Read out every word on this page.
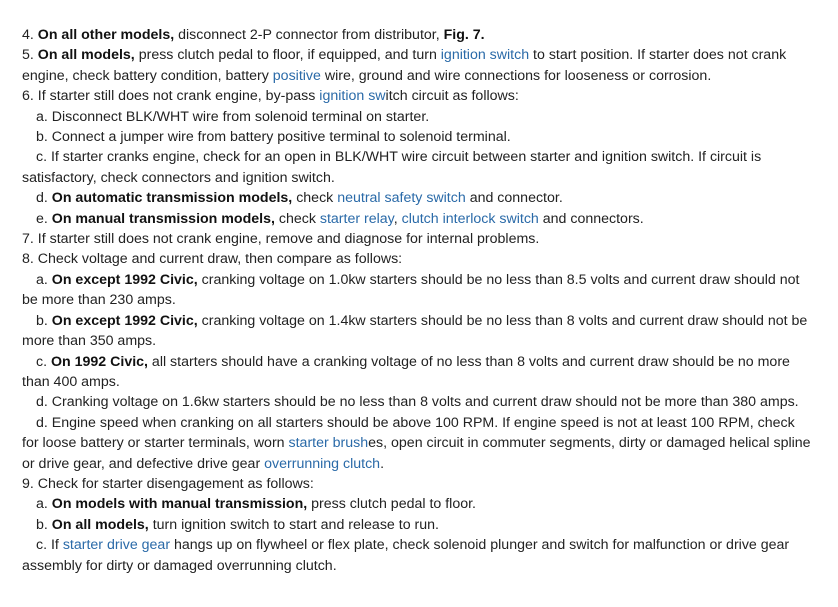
4. On all other models, disconnect 2-P connector from distributor, Fig. 7.
5. On all models, press clutch pedal to floor, if equipped, and turn ignition switch to start position. If starter does not crank engine, check battery condition, battery positive wire, ground and wire connections for looseness or corrosion.
6. If starter still does not crank engine, by-pass ignition switch circuit as follows:
a. Disconnect BLK/WHT wire from solenoid terminal on starter.
b. Connect a jumper wire from battery positive terminal to solenoid terminal.
c. If starter cranks engine, check for an open in BLK/WHT wire circuit between starter and ignition switch. If circuit is satisfactory, check connectors and ignition switch.
d. On automatic transmission models, check neutral safety switch and connector.
e. On manual transmission models, check starter relay, clutch interlock switch and connectors.
7. If starter still does not crank engine, remove and diagnose for internal problems.
8. Check voltage and current draw, then compare as follows:
a. On except 1992 Civic, cranking voltage on 1.0kw starters should be no less than 8.5 volts and current draw should not be more than 230 amps.
b. On except 1992 Civic, cranking voltage on 1.4kw starters should be no less than 8 volts and current draw should not be more than 350 amps.
c. On 1992 Civic, all starters should have a cranking voltage of no less than 8 volts and current draw should be no more than 400 amps.
d. Cranking voltage on 1.6kw starters should be no less than 8 volts and current draw should not be more than 380 amps.
d. Engine speed when cranking on all starters should be above 100 RPM. If engine speed is not at least 100 RPM, check for loose battery or starter terminals, worn starter brushes, open circuit in commuter segments, dirty or damaged helical spline or drive gear, and defective drive gear overrunning clutch.
9. Check for starter disengagement as follows:
a. On models with manual transmission, press clutch pedal to floor.
b. On all models, turn ignition switch to start and release to run.
c. If starter drive gear hangs up on flywheel or flex plate, check solenoid plunger and switch for malfunction or drive gear assembly for dirty or damaged overrunning clutch.
